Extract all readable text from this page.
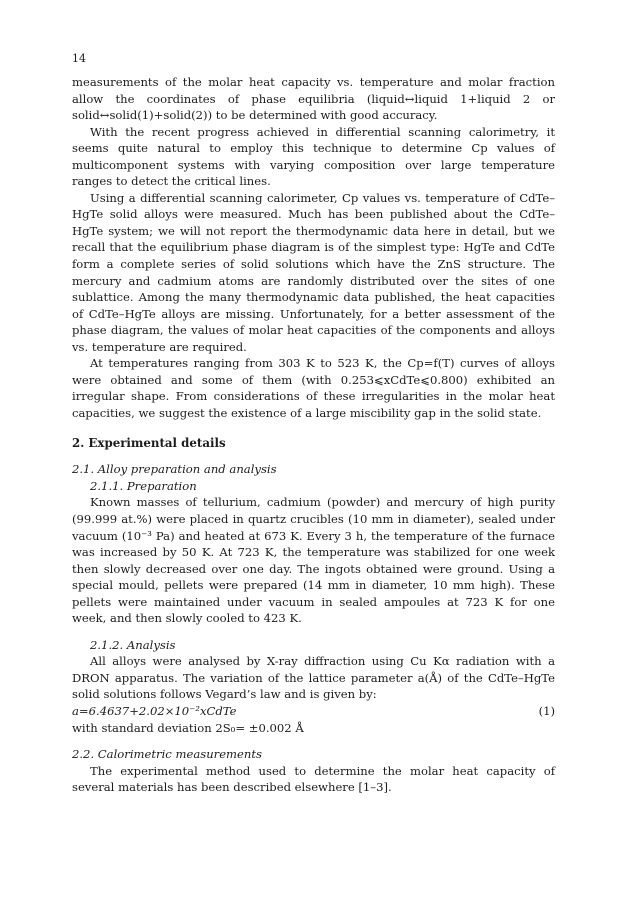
14

measurements of the molar heat capacity vs. temperature and molar fraction allow the coordinates of phase equilibria (liquid↔liquid 1+liquid 2 or solid↔solid(1)+solid(2)) to be determined with good accuracy.

With the recent progress achieved in differential scanning calorimetry, it seems quite natural to employ this technique to determine Cp values of multicomponent systems with varying composition over large temperature ranges to detect the critical lines.

Using a differential scanning calorimeter, Cp values vs. temperature of CdTe–HgTe solid alloys were measured. Much has been published about the CdTe–HgTe system; we will not report the thermodynamic data here in detail, but we recall that the equilibrium phase diagram is of the simplest type: HgTe and CdTe form a complete series of solid solutions which have the ZnS structure. The mercury and cadmium atoms are randomly distributed over the sites of one sublattice. Among the many thermodynamic data published, the heat capacities of CdTe–HgTe alloys are missing. Unfortunately, for a better assessment of the phase diagram, the values of molar heat capacities of the components and alloys vs. temperature are required.

At temperatures ranging from 303 K to 523 K, the Cp=f(T) curves of alloys were obtained and some of them (with 0.253⩽xCdTe⩽0.800) exhibited an irregular shape. From considerations of these irregularities in the molar heat capacities, we suggest the existence of a large miscibility gap in the solid state.

2. Experimental details
2.1. Alloy preparation and analysis
2.1.1. Preparation

Known masses of tellurium, cadmium (powder) and mercury of high purity (99.999 at.%) were placed in quartz crucibles (10 mm in diameter), sealed under vacuum (10⁻³ Pa) and heated at 673 K. Every 3 h, the temperature of the furnace was increased by 50 K. At 723 K, the temperature was stabilized for one week then slowly decreased over one day. The ingots obtained were ground. Using a special mould, pellets were prepared (14 mm in diameter, 10 mm high). These pellets were maintained under vacuum in sealed ampoules at 723 K for one week, and then slowly cooled to 423 K.

2.1.2. Analysis

All alloys were analysed by X-ray diffraction using Cu Kα radiation with a DRON apparatus. The variation of the lattice parameter a(Å) of the CdTe–HgTe solid solutions follows Vegard’s law and is given by:

a=6.4637+2.02×10⁻²xCdTe	(1)

with standard deviation 2S₀= ±0.002 Å

2.2. Calorimetric measurements

The experimental method used to determine the molar heat capacity of several materials has been described elsewhere [1–3].
